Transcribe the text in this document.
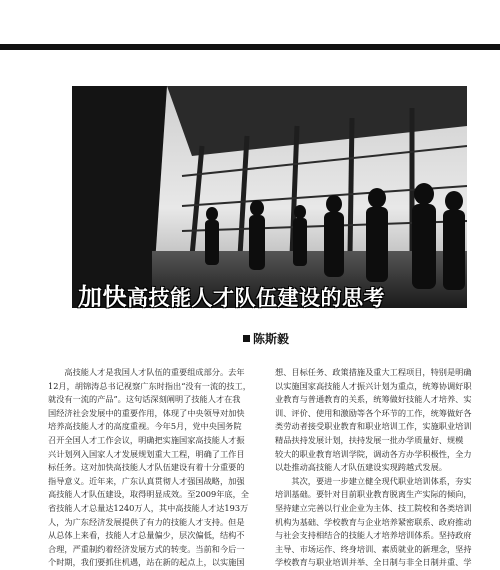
加快高技能人才队伍建设的思考
陈斯毅

高技能人才是我国人才队伍的重要组成部分。去年

12月，胡锦涛总书记视察广东时指出“没有一流的技工，

就没有一流的产品”。这句话深刻阐明了技能人才在我

国经济社会发展中的重要作用，体现了中央领导对加快

培养高技能人才的高度重视。今年5月，党中央国务院

召开全国人才工作会议，明确把实施国家高技能人才振

兴计划列入国家人才发展规划重大工程，明确了工作目

标任务。这对加快高技能人才队伍建设有着十分重要的

指导意义。近年来，广东认真贯彻人才强国战略，加强

高技能人才队伍建设，取得明显成效。至2009年底，全

省技能人才总量达1240万人，其中高技能人才达193万

人，为广东经济发展提供了有力的技能人才支持。但是

从总体上来看，技能人才总量偏少，层次偏低，结构不

合理，严重制约着经济发展方式的转变。当前和今后一

个时期，我们要抓住机遇，站在新的起点上，以实施国

想、目标任务、政策措施及重大工程项目，特别是明确

以实施国家高技能人才振兴计划为重点，统筹协调好职

业教育与普通教育的关系，统筹做好技能人才培养、实

训、评价、使用和激励等各个环节的工作，统筹做好各

类劳动者接受职业教育和职业培训工作，实施职业培训

精品扶持发展计划，扶持发展一批办学质量好、规模

较大的职业教育培训学院，调动各方办学积极性，全力

以赴推动高技能人才队伍建设实现跨越式发展。

其次，要进一步建立健全现代职业培训体系，夯实

培训基础。要针对目前职业教育脱离生产实际的倾向，

坚持建立完善以行业企业为主体、技工院校和各类培训

机构为基础、学校教育与企业培养紧密联系、政府推动

与社会支持相结合的技能人才培养培训体系。坚持政府

主导、市场运作、终身培训、素质就业的新理念，坚持

学校教育与职业培训并举、全日制与非全日制并重、学
